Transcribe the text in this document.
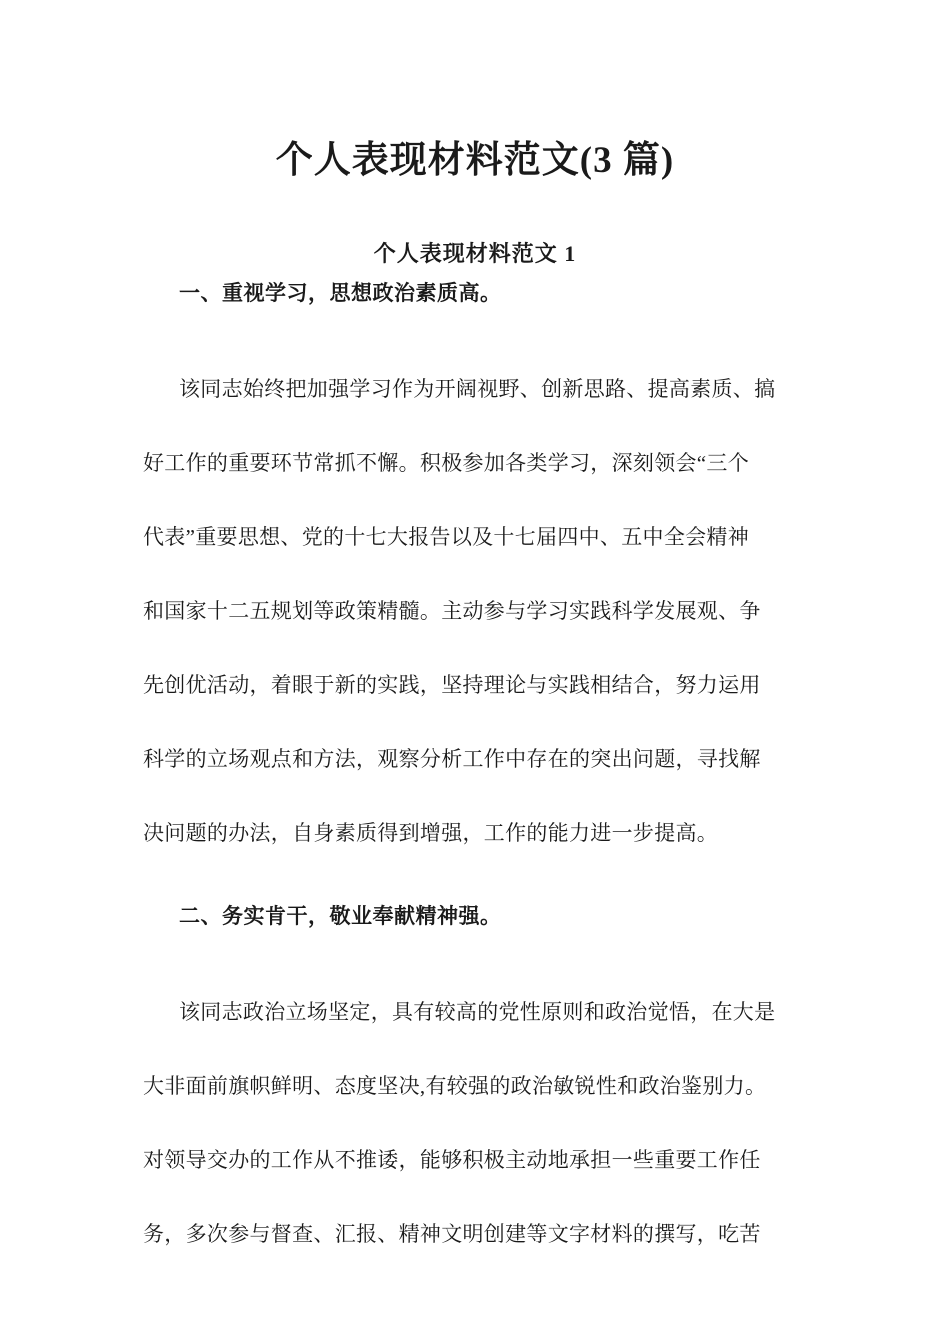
个人表现材料范文(3 篇)
个人表现材料范文 1

一、重视学习，思想政治素质高。

该同志始终把加强学习作为开阔视野、创新思路、提高素质、搞
好工作的重要环节常抓不懈。积极参加各类学习，深刻领会“三个
代表”重要思想、党的十七大报告以及十七届四中、五中全会精神
和国家十二五规划等政策精髓。主动参与学习实践科学发展观、争
先创优活动，着眼于新的实践，坚持理论与实践相结合，努力运用
科学的立场观点和方法，观察分析工作中存在的突出问题，寻找解
决问题的办法，自身素质得到增强，工作的能力进一步提高。

二、务实肯干，敬业奉献精神强。

该同志政治立场坚定，具有较高的党性原则和政治觉悟，在大是
大非面前旗帜鲜明、态度坚决,有较强的政治敏锐性和政治鉴别力。
对领导交办的工作从不推诿，能够积极主动地承担一些重要工作任
务，多次参与督查、汇报、精神文明创建等文字材料的撰写，吃苦
